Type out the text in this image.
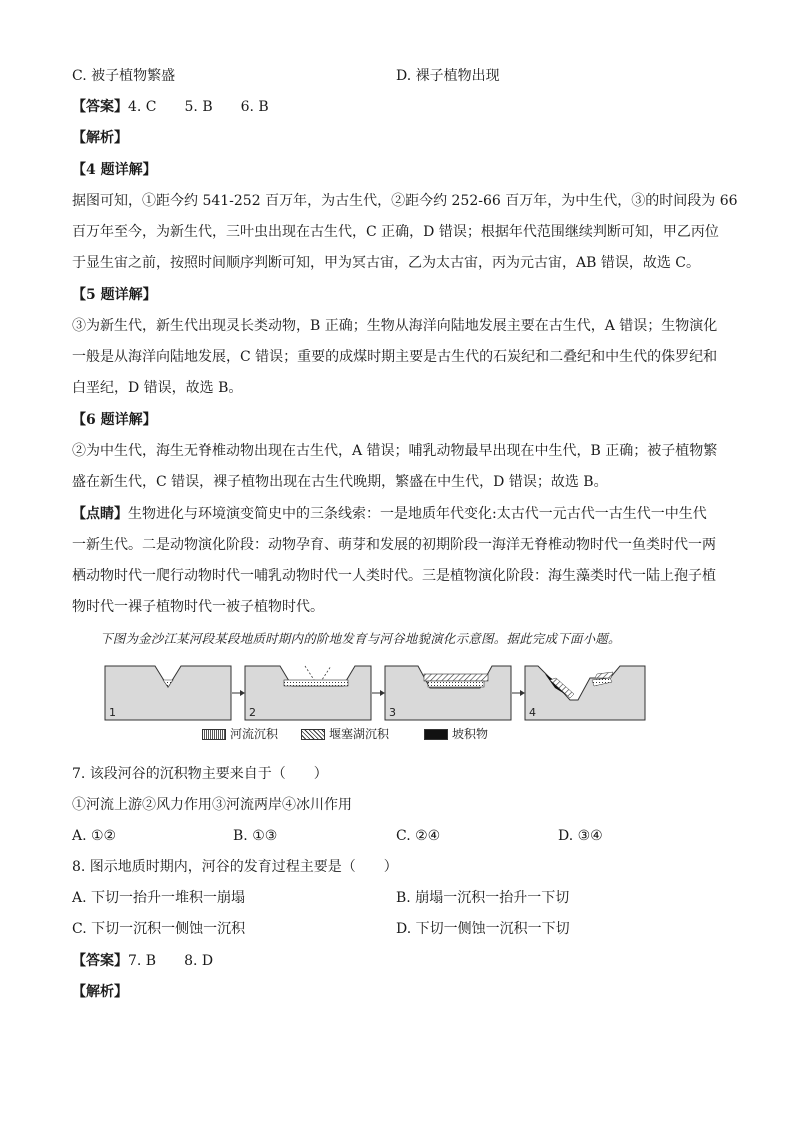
C. 被子植物繁盛	D. 裸子植物出现
【答案】4. C　　5. B　　6. B
【解析】
【4 题详解】
据图可知，①距今约 541-252 百万年，为古生代，②距今约 252-66 百万年，为中生代，③的时间段为 66
百万年至今，为新生代，三叶虫出现在古生代，C 正确，D 错误；根据年代范围继续判断可知，甲乙丙位
于显生宙之前，按照时间顺序判断可知，甲为冥古宙，乙为太古宙，丙为元古宙，AB 错误，故选 C。
【5 题详解】
③为新生代，新生代出现灵长类动物，B 正确；生物从海洋向陆地发展主要在古生代，A 错误；生物演化
一般是从海洋向陆地发展，C 错误；重要的成煤时期主要是古生代的石炭纪和二叠纪和中生代的侏罗纪和
白垩纪，D 错误，故选 B。
【6 题详解】
②为中生代，海生无脊椎动物出现在古生代，A 错误；哺乳动物最早出现在中生代，B 正确；被子植物繁
盛在新生代，C 错误，裸子植物出现在古生代晚期，繁盛在中生代，D 错误；故选 B。
【点睛】生物进化与环境演变简史中的三条线索：一是地质年代变化:太古代一元古代一古生代一中生代
一新生代。二是动物演化阶段：动物孕育、萌芽和发展的初期阶段一海洋无脊椎动物时代一鱼类时代一两
栖动物时代一爬行动物时代一哺乳动物时代一人类时代。三是植物演化阶段：海生藻类时代一陆上孢子植
物时代一裸子植物时代一被子植物时代。
下图为金沙江某河段某段地质时期内的阶地发育与河谷地貌演化示意图。据此完成下面小题。
1	2	3	4
河流沉积	堰塞湖沉积	坡积物
7. 该段河谷的沉积物主要来自于（　　）
①河流上游②风力作用③河流两岸④冰川作用
A. ①②	B. ①③	C. ②④	D. ③④
8. 图示地质时期内，河谷的发育过程主要是（　　）
A. 下切一抬升一堆积一崩塌	B. 崩塌一沉积一抬升一下切
C. 下切一沉积一侧蚀一沉积	D. 下切一侧蚀一沉积一下切
【答案】7. B　　8. D
【解析】
